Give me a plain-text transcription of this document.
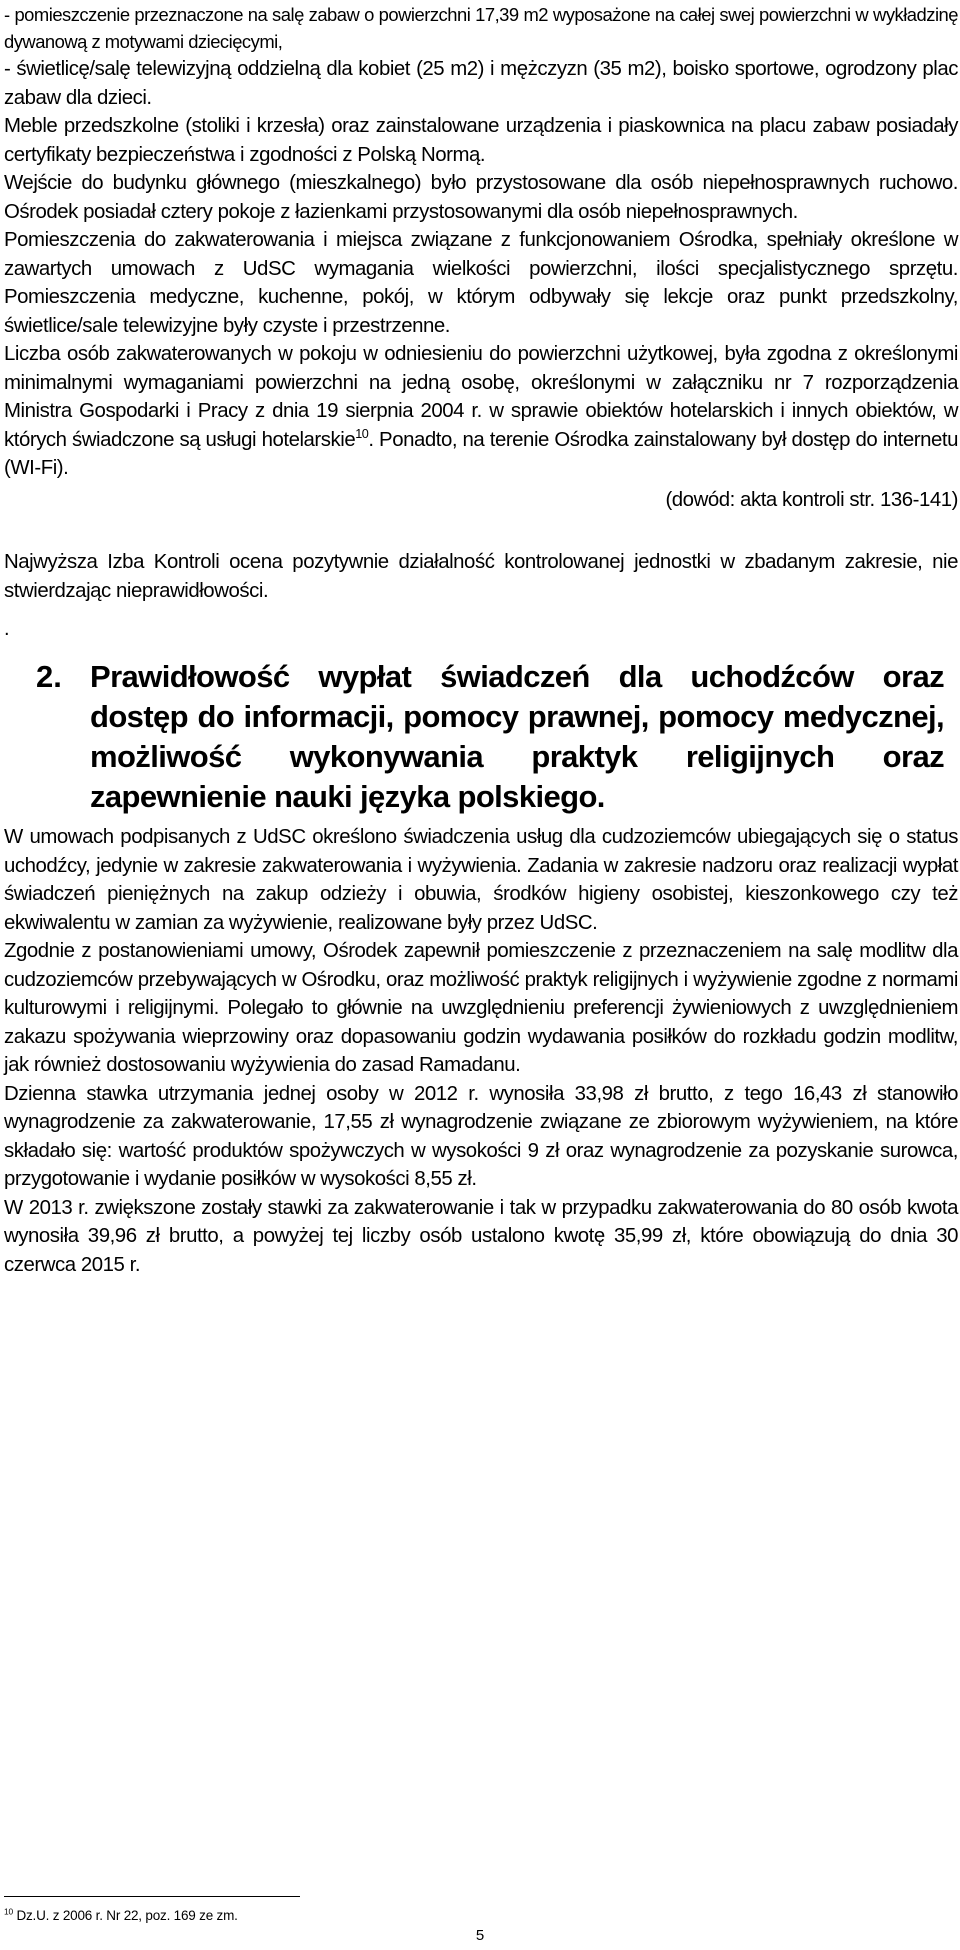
- pomieszczenie przeznaczone na salę zabaw o powierzchni 17,39 m2 wyposażone na całej swej powierzchni w wykładzinę dywanową z motywami dziecięcymi,

- świetlicę/salę telewizyjną oddzielną dla kobiet (25 m2) i mężczyzn (35 m2), boisko sportowe, ogrodzony plac zabaw dla dzieci.

Meble przedszkolne (stoliki i krzesła) oraz zainstalowane urządzenia i piaskownica na placu zabaw posiadały certyfikaty bezpieczeństwa i zgodności z Polską Normą.

Wejście do budynku głównego (mieszkalnego) było przystosowane dla osób niepełnosprawnych ruchowo. Ośrodek posiadał cztery pokoje z łazienkami przystosowanymi dla osób niepełnosprawnych.

Pomieszczenia do zakwaterowania i miejsca związane z funkcjonowaniem Ośrodka, spełniały określone w zawartych umowach z UdSC wymagania wielkości powierzchni, ilości specjalistycznego sprzętu. Pomieszczenia medyczne, kuchenne, pokój, w którym odbywały się lekcje oraz punkt przedszkolny, świetlice/sale telewizyjne były czyste i przestrzenne.

Liczba osób zakwaterowanych w pokoju w odniesieniu do powierzchni użytkowej, była zgodna z określonymi minimalnymi wymaganiami powierzchni na jedną osobę, określonymi w załączniku nr 7 rozporządzenia Ministra Gospodarki i Pracy z dnia 19 sierpnia 2004 r. w sprawie obiektów hotelarskich i innych obiektów, w których świadczone są usługi hotelarskie$^{10}$. Ponadto, na terenie Ośrodka zainstalowany był dostęp do internetu (WI-Fi).

(dowód: akta kontroli str. 136-141)

Najwyższa Izba Kontroli ocena pozytywnie działalność kontrolowanej jednostki w zbadanym zakresie, nie stwierdzając nieprawidłowości.

.

2. Prawidłowość wypłat świadczeń dla uchodźców oraz dostęp do informacji, pomocy prawnej, pomocy medycznej, możliwość wykonywania praktyk religijnych oraz zapewnienie nauki języka polskiego.

W umowach podpisanych z UdSC określono świadczenia usług dla cudzoziemców ubiegających się o status uchodźcy, jedynie w zakresie zakwaterowania i wyżywienia. Zadania w zakresie nadzoru oraz realizacji wypłat świadczeń pieniężnych na zakup odzieży i obuwia, środków higieny osobistej, kieszonkowego czy też ekwiwalentu w zamian za wyżywienie, realizowane były przez UdSC.

Zgodnie z postanowieniami umowy, Ośrodek zapewnił pomieszczenie z przeznaczeniem na salę modlitw dla cudzoziemców przebywających w Ośrodku, oraz możliwość praktyk religijnych i wyżywienie zgodne z normami kulturowymi i religijnymi. Polegało to głównie na uwzględnieniu preferencji żywieniowych z uwzględnieniem zakazu spożywania wieprzowiny oraz dopasowaniu godzin wydawania posiłków do rozkładu godzin modlitw, jak również dostosowaniu wyżywienia do zasad Ramadanu.

Dzienna stawka utrzymania jednej osoby w 2012 r. wynosiła 33,98 zł brutto, z tego 16,43 zł stanowiło wynagrodzenie za zakwaterowanie, 17,55 zł wynagrodzenie związane ze zbiorowym wyżywieniem, na które składało się: wartość produktów spożywczych w wysokości 9 zł oraz wynagrodzenie za pozyskanie surowca, przygotowanie i wydanie posiłków w wysokości 8,55 zł.

W 2013 r. zwiększone zostały stawki za zakwaterowanie i tak w przypadku zakwaterowania do 80 osób kwota wynosiła 39,96 zł brutto, a powyżej tej liczby osób ustalono kwotę 35,99 zł, które obowiązują do dnia 30 czerwca 2015 r.

$^{10}$ Dz.U. z 2006 r. Nr 22, poz. 169 ze zm.
5
